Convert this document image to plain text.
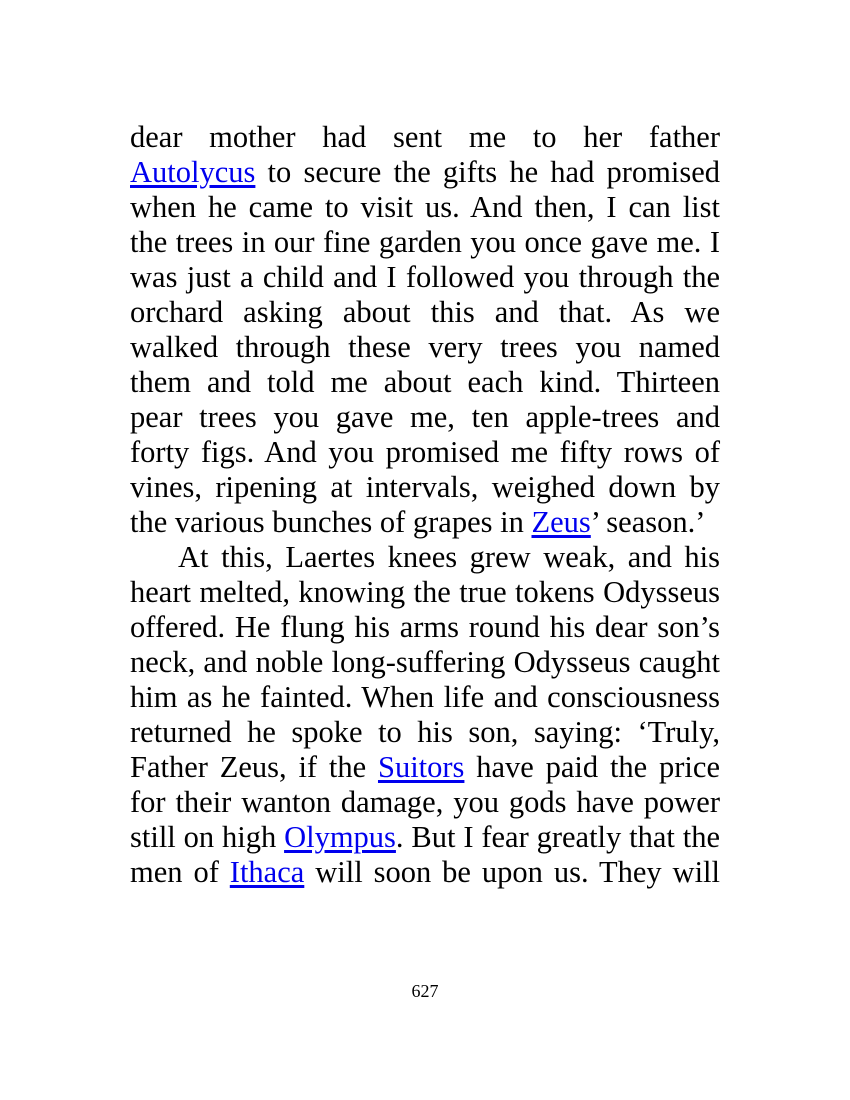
dear mother had sent me to her father
Autolycus to secure the gifts he had promised
when he came to visit us. And then, I can list
the trees in our fine garden you once gave me. I
was just a child and I followed you through the
orchard asking about this and that. As we
walked through these very trees you named
them and told me about each kind. Thirteen
pear trees you gave me, ten apple-trees and
forty figs. And you promised me fifty rows of
vines, ripening at intervals, weighed down by
the various bunches of grapes in Zeus’ season.’
At this, Laertes knees grew weak, and his
heart melted, knowing the true tokens Odysseus
offered. He flung his arms round his dear son’s
neck, and noble long-suffering Odysseus caught
him as he fainted. When life and consciousness
returned he spoke to his son, saying: ‘Truly,
Father Zeus, if the Suitors have paid the price
for their wanton damage, you gods have power
still on high Olympus. But I fear greatly that the
men of Ithaca will soon be upon us. They will
627
